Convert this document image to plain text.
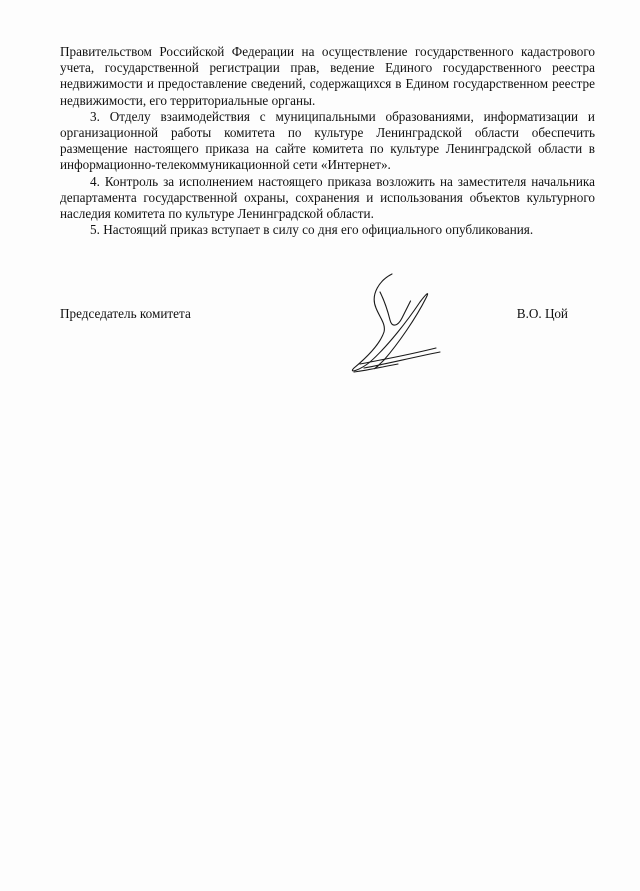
Правительством Российской Федерации на осуществление государственного кадастрового учета, государственной регистрации прав, ведение Единого государственного реестра недвижимости и предоставление сведений, содержащихся в Едином государственном реестре недвижимости, его территориальные органы.

3. Отделу взаимодействия с муниципальными образованиями, информатизации и организационной работы комитета по культуре Ленинградской области обеспечить размещение настоящего приказа на сайте комитета по культуре Ленинградской области в информационно-телекоммуникационной сети «Интернет».

4. Контроль за исполнением настоящего приказа возложить на заместителя начальника департамента государственной охраны, сохранения и использования объектов культурного наследия комитета по культуре Ленинградской области.

5. Настоящий приказ вступает в силу со дня его официального опубликования.

Председатель комитета	В.О. Цой
